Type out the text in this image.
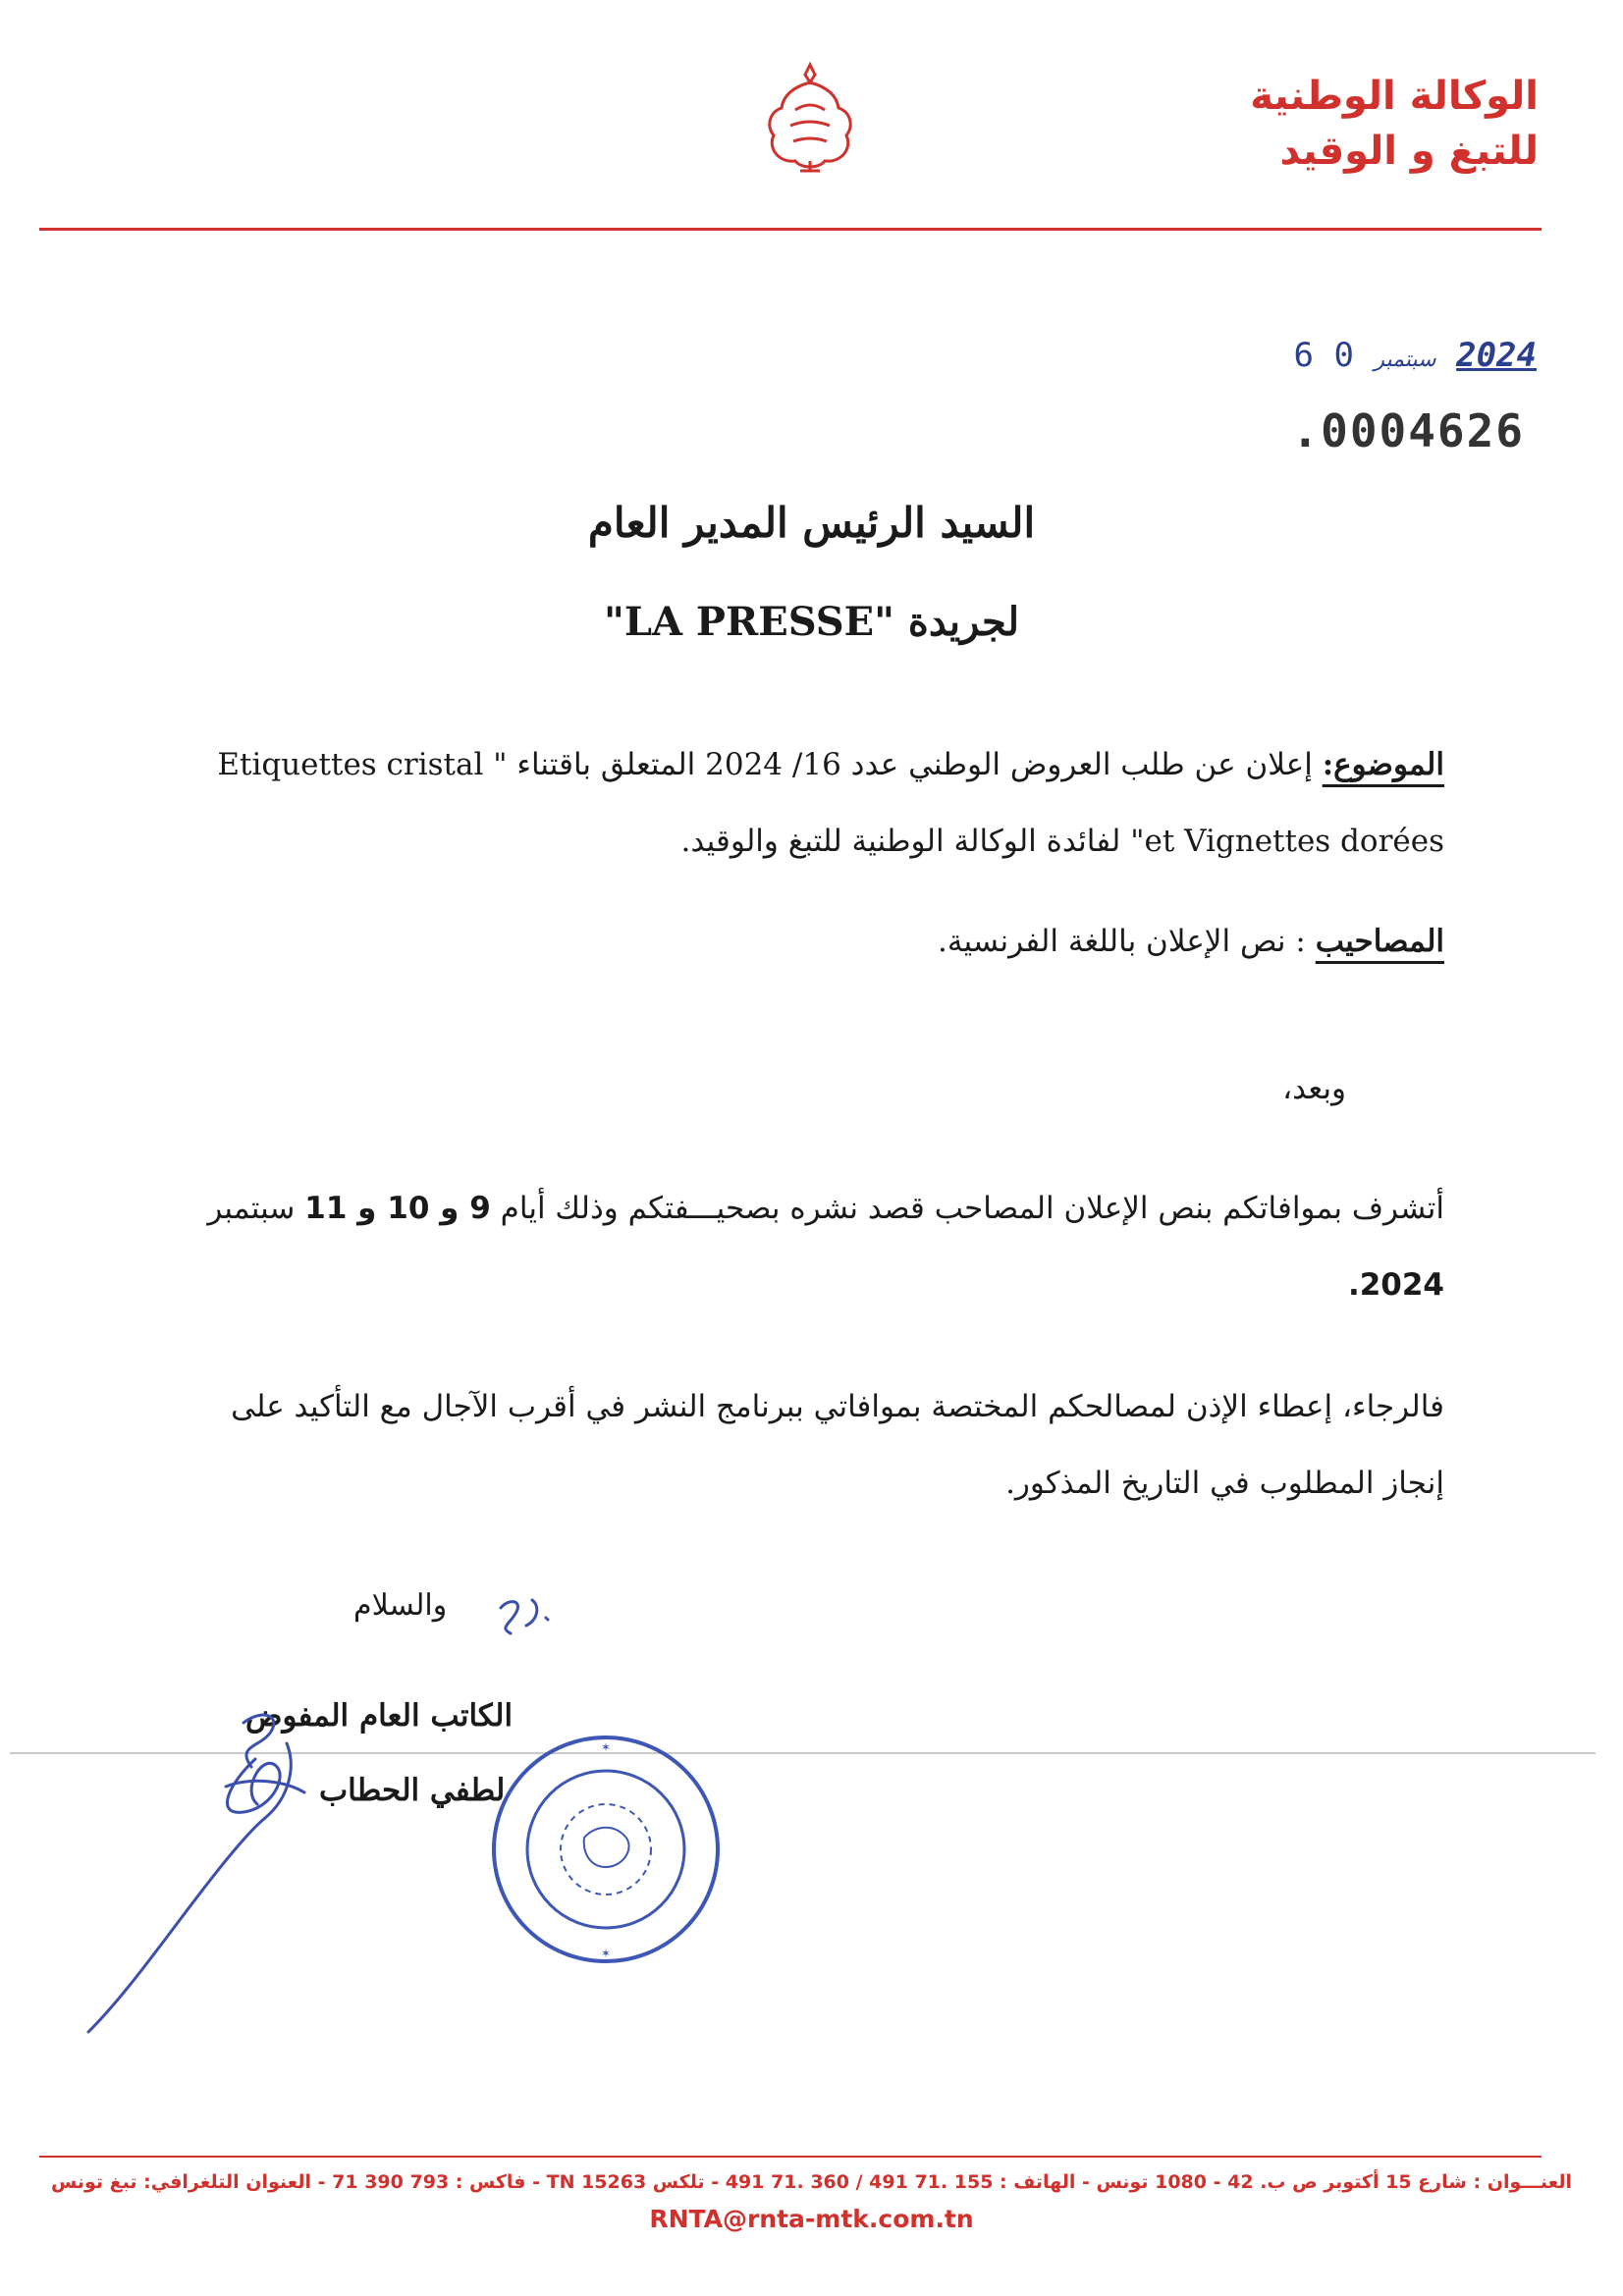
الوكالة الوطنية
للتبغ و الوقيد
2024 سبتمبر 0 6
.0004626
السيد الرئيس المدير العام
لجريدة "LA PRESSE"
الموضوع: إعلان عن طلب العروض الوطني عدد 16/ 2024 المتعلق باقتناء " Etiquettes cristal et Vignettes dorées" لفائدة الوكالة الوطنية للتبغ والوقيد.
المصاحيب : نص الإعلان باللغة الفرنسية.
وبعد،
أتشرف بموافاتكم بنص الإعلان المصاحب قصد نشره بصحيـــفتكم وذلك أيام 9 و 10 و 11 سبتمبر 2024.
فالرجاء، إعطاء الإذن لمصالحكم المختصة بموافاتي ببرنامج النشر في أقرب الآجال مع التأكيد على إنجاز المطلوب في التاريخ المذكور.
والسلام
الكاتب العام المفوض
لطفي الحطاب
✶
✶
العنـــوان : شارع 15 أكتوبر ص ب. 42 - 1080 تونس - الهاتف : 155 .71 491 / 360 .71 491 - تلكس TN 15263 - فاكس : 793 390 71 - العنوان التلغرافي: تبغ تونس
RNTA@rnta-mtk.com.tn
